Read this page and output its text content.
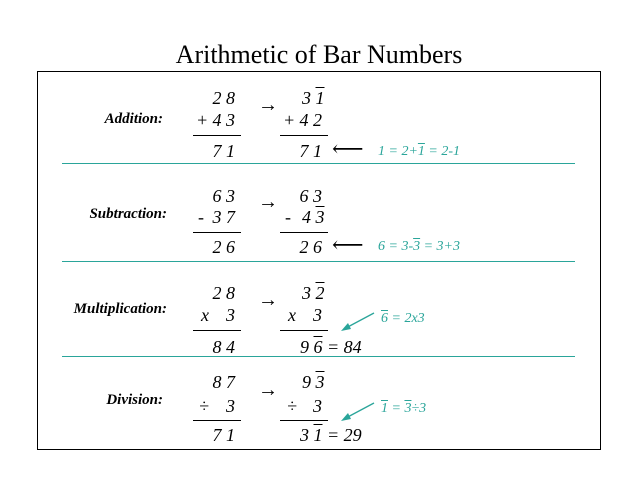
Arithmetic of Bar Numbers
Addition:
2 8
+ 4 3
7 1
→ 3 1
+ 4 2
7 1 ⟵ 1 = 2+1 = 2-1
Subtraction:
6 3
- 3 7
2 6
→	6 3
- 4 3
2 6 ⟵ 6 = 3-3 = 3+3
Multiplication:
2 8
x 3
8 4
→ 3 2
x 3
9 6 = 84
6 = 2x3
Division:
8 7
÷ 3
7 1
→ 9 3
÷ 3
3 1 = 29
1 = 3÷3
